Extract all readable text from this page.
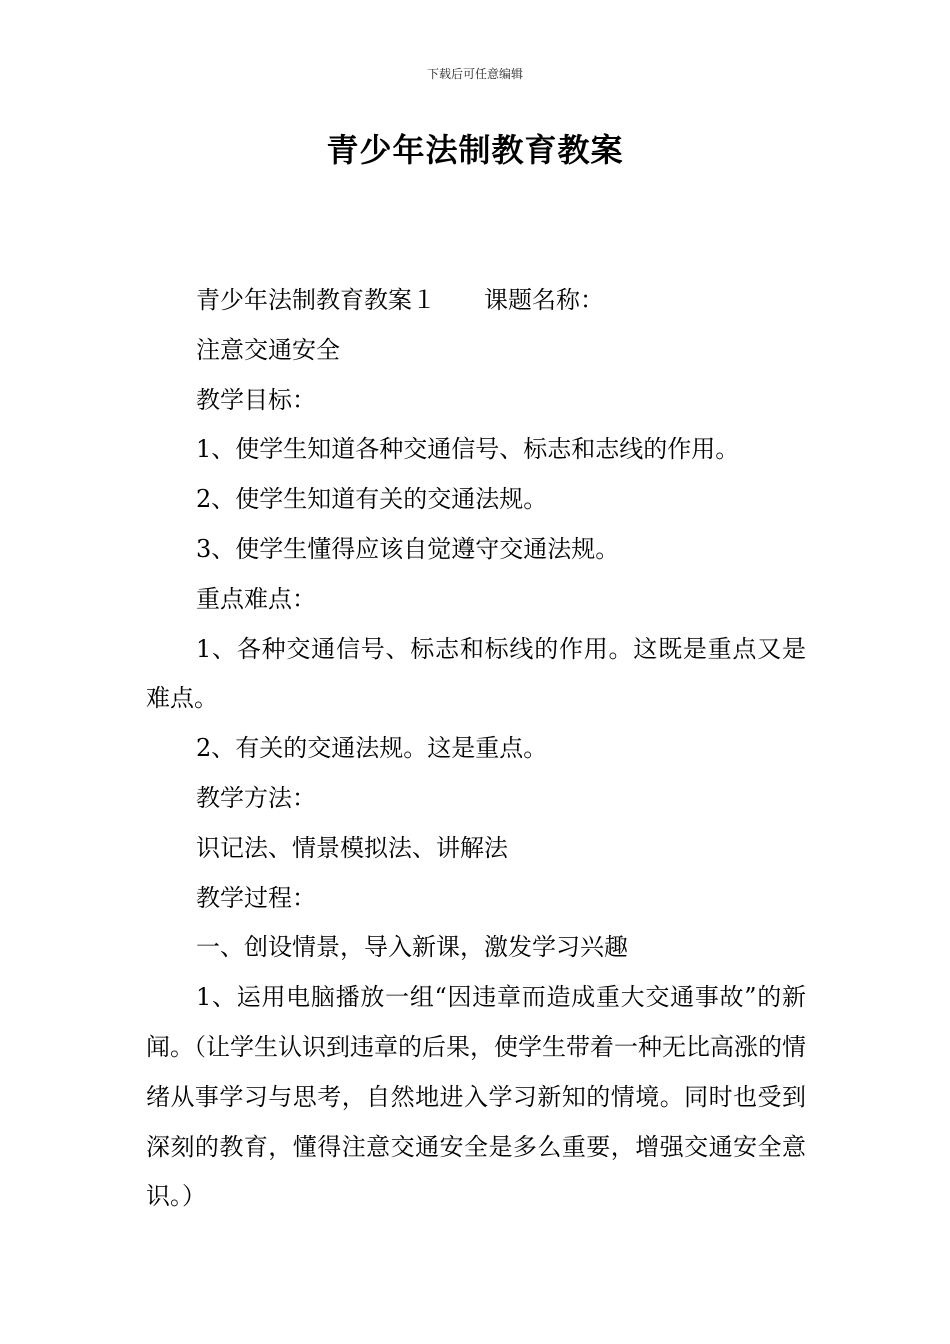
下载后可任意编辑
青少年法制教育教案

青少年法制教育教案１ 课题名称：

注意交通安全

教学目标：

1、使学生知道各种交通信号、标志和志线的作用。

2、使学生知道有关的交通法规。

3、使学生懂得应该自觉遵守交通法规。

重点难点：

1、各种交通信号、标志和标线的作用。这既是重点又是难点。

2、有关的交通法规。这是重点。

教学方法：

识记法、情景模拟法、讲解法

教学过程：

一、创设情景，导入新课，激发学习兴趣

1、运用电脑播放一组“因违章而造成重大交通事故”的新闻。（让学生认识到违章的后果，使学生带着一种无比高涨的情绪从事学习与思考，自然地进入学习新知的情境。同时也受到深刻的教育，懂得注意交通安全是多么重要，增强交通安全意识。）
